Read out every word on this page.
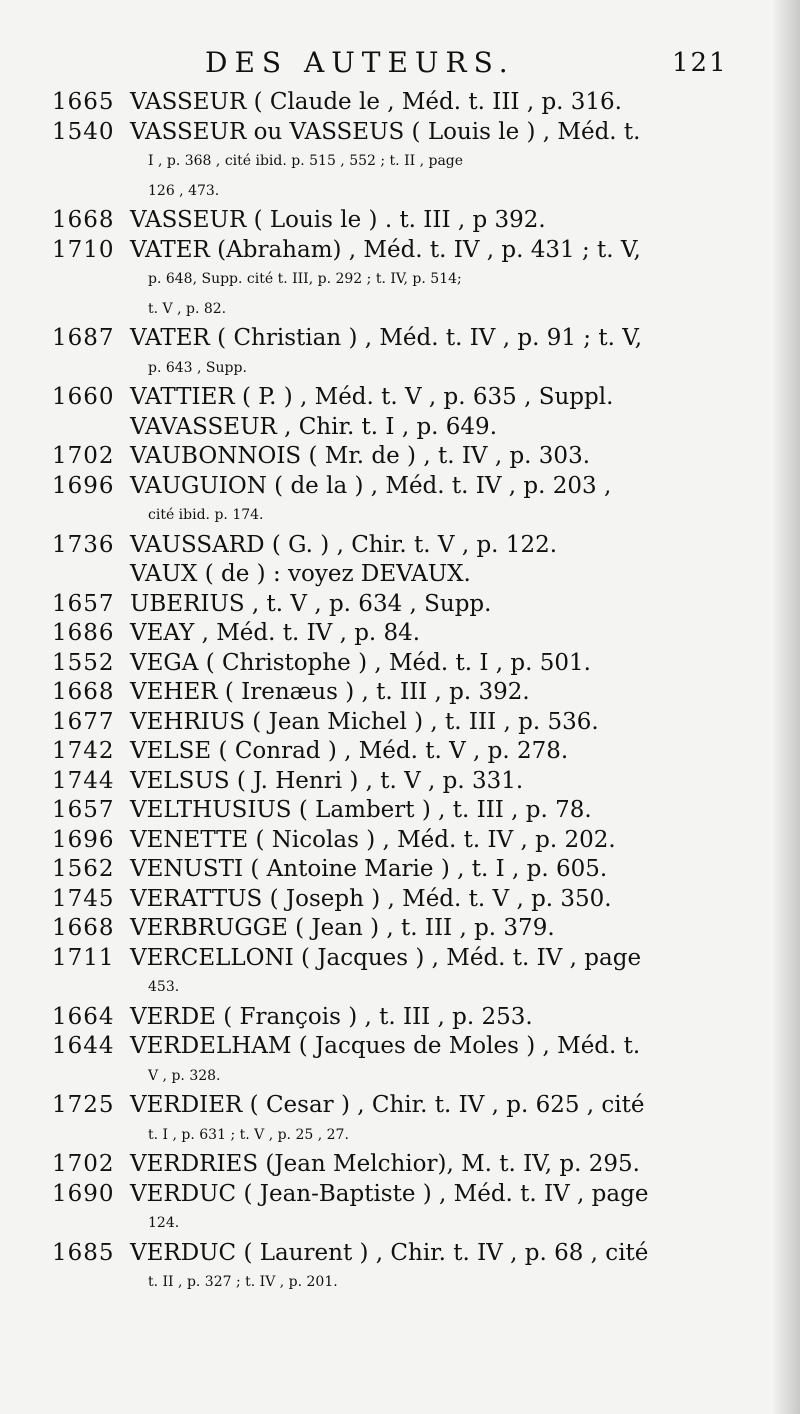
DES AUTEURS.	121
1665 VASSEUR ( Claude le , Méd. t. III , p. 316.
1540 VASSEUR ou VASSEUS ( Louis le ) , Méd. t.
I , p. 368 , cité ibid. p. 515 , 552 ; t. II , page
126 , 473.
1668 VASSEUR ( Louis le ) . t. III , p 392.
1710 VATER (Abraham) , Méd. t. IV , p. 431 ; t. V,
p. 648, Supp. cité t. III, p. 292 ; t. IV, p. 514;
t. V , p. 82.
1687 VATER ( Christian ) , Méd. t. IV , p. 91 ; t. V,
p. 643 , Supp.
1660 VATTIER ( P. ) , Méd. t. V , p. 635 , Suppl.
VAVASSEUR , Chir. t. I , p. 649.
1702 VAUBONNOIS ( Mr. de ) , t. IV , p. 303.
1696 VAUGUION ( de la ) , Méd. t. IV , p. 203 ,
cité ibid. p. 174.
1736 VAUSSARD ( G. ) , Chir. t. V , p. 122.
VAUX ( de ) : voyez DEVAUX.
1657 UBERIUS , t. V , p. 634 , Supp.
1686 VEAY , Méd. t. IV , p. 84.
1552 VEGA ( Christophe ) , Méd. t. I , p. 501.
1668 VEHER ( Irenæus ) , t. III , p. 392.
1677 VEHRIUS ( Jean Michel ) , t. III , p. 536.
1742 VELSE ( Conrad ) , Méd. t. V , p. 278.
1744 VELSUS ( J. Henri ) , t. V , p. 331.
1657 VELTHUSIUS ( Lambert ) , t. III , p. 78.
1696 VENETTE ( Nicolas ) , Méd. t. IV , p. 202.
1562 VENUSTI ( Antoine Marie ) , t. I , p. 605.
1745 VERATTUS ( Joseph ) , Méd. t. V , p. 350.
1668 VERBRUGGE ( Jean ) , t. III , p. 379.
1711 VERCELLONI ( Jacques ) , Méd. t. IV , page
453.
1664 VERDE ( François ) , t. III , p. 253.
1644 VERDELHAM ( Jacques de Moles ) , Méd. t.
V , p. 328.
1725 VERDIER ( Cesar ) , Chir. t. IV , p. 625 , cité
t. I , p. 631 ; t. V , p. 25 , 27.
1702 VERDRIES (Jean Melchior), M. t. IV, p. 295.
1690 VERDUC ( Jean-Baptiste ) , Méd. t. IV , page
124.
1685 VERDUC ( Laurent ) , Chir. t. IV , p. 68 , cité
t. II , p. 327 ; t. IV , p. 201.
